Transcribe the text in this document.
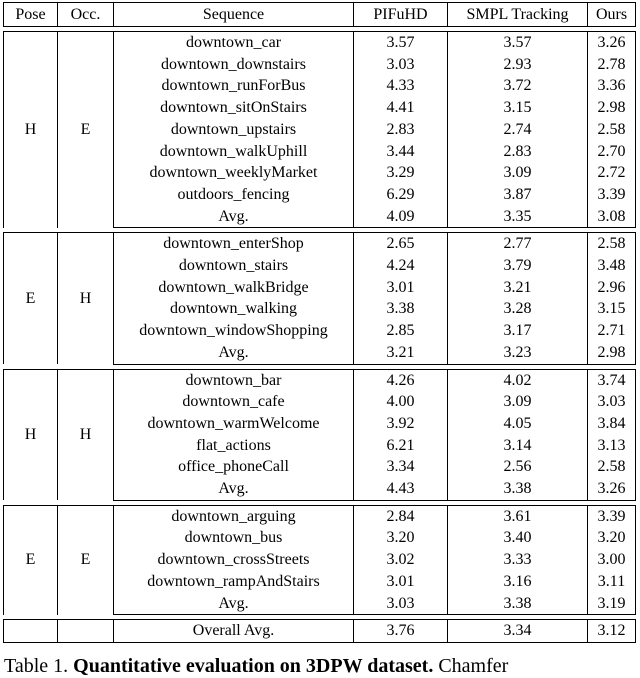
Pose	Occ.	Sequence	PIFuHD	SMPL Tracking	Ours

H	E	downtown_car	3.57	3.57	3.26
		downtown_downstairs	3.03	2.93	2.78
		downtown_runForBus	4.33	3.72	3.36
		downtown_sitOnStairs	4.41	3.15	2.98
		downtown_upstairs	2.83	2.74	2.58
		downtown_walkUphill	3.44	2.83	2.70
		downtown_weeklyMarket	3.29	3.09	2.72
		outdoors_fencing	6.29	3.87	3.39
		Avg.	4.09	3.35	3.08

E	H	downtown_enterShop	2.65	2.77	2.58
		downtown_stairs	4.24	3.79	3.48
		downtown_walkBridge	3.01	3.21	2.96
		downtown_walking	3.38	3.28	3.15
		downtown_windowShopping	2.85	3.17	2.71
		Avg.	3.21	3.23	2.98

H	H	downtown_bar	4.26	4.02	3.74
		downtown_cafe	4.00	3.09	3.03
		downtown_warmWelcome	3.92	4.05	3.84
		flat_actions	6.21	3.14	3.13
		office_phoneCall	3.34	2.56	2.58
		Avg.	4.43	3.38	3.26

E	E	downtown_arguing	2.84	3.61	3.39
		downtown_bus	3.20	3.40	3.20
		downtown_crossStreets	3.02	3.33	3.00
		downtown_rampAndStairs	3.01	3.16	3.11
		Avg.	3.03	3.38	3.19

		Overall Avg.	3.76	3.34	3.12
Table 1. Quantitative evaluation on 3DPW dataset. Chamfer
